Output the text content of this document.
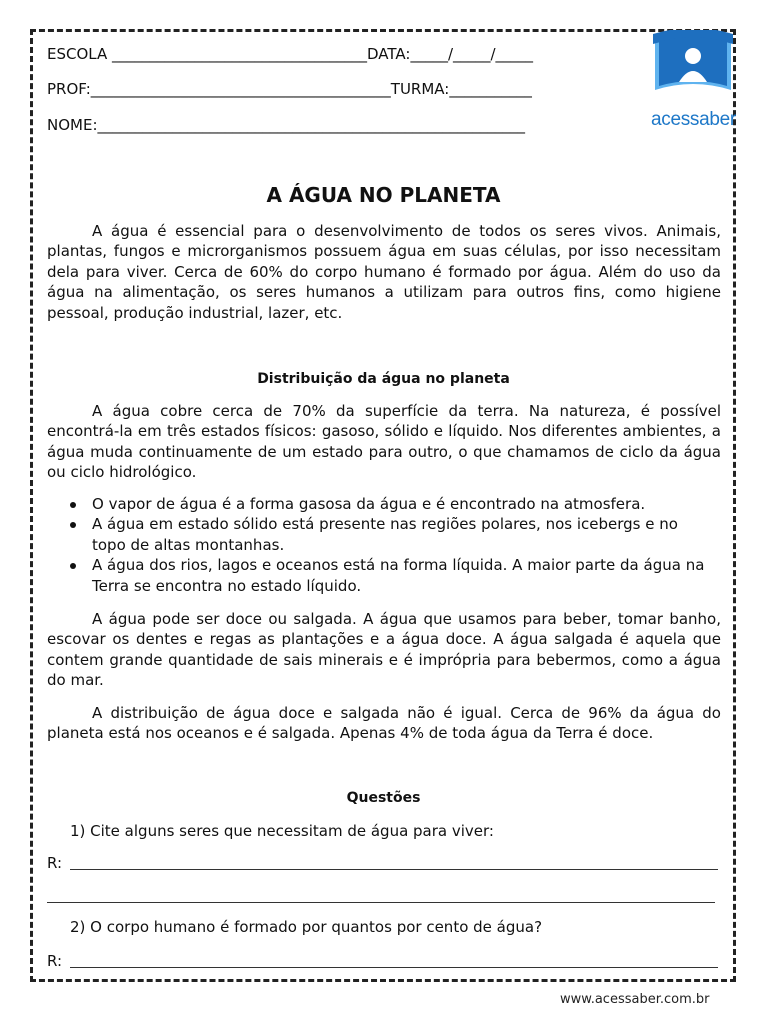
ESCOLA __________________________________DATA:_____/_____/_____
PROF:________________________________________TURMA:___________
NOME:_________________________________________________________	acessaber
A ÁGUA NO PLANETA

A água é essencial para o desenvolvimento de todos os seres vivos. Animais, plantas, fungos e microrganismos possuem água em suas células, por isso necessitam dela para viver. Cerca de 60% do corpo humano é formado por água. Além do uso da água na alimentação, os seres humanos a utilizam para outros fins, como higiene pessoal, produção industrial, lazer, etc.

Distribuição da água no planeta

A água cobre cerca de 70% da superfície da terra. Na natureza, é possível encontrá-la em três estados físicos: gasoso, sólido e líquido. Nos diferentes ambientes, a água muda continuamente de um estado para outro, o que chamamos de ciclo da água ou ciclo hidrológico.

O vapor de água é a forma gasosa da água e é encontrado na atmosfera.
A água em estado sólido está presente nas regiões polares, nos icebergs e no topo de altas montanhas.
A água dos rios, lagos e oceanos está na forma líquida. A maior parte da água na Terra se encontra no estado líquido.

A água pode ser doce ou salgada. A água que usamos para beber, tomar banho, escovar os dentes e regas as plantações e a água doce. A água salgada é aquela que contem grande quantidade de sais minerais e é imprópria para bebermos, como a água do mar.

A distribuição de água doce e salgada não é igual. Cerca de 96% da água do planeta está nos oceanos e é salgada. Apenas 4% de toda água da Terra é doce.

Questões
1) Cite alguns seres que necessitam de água para viver:
R:
2) O corpo humano é formado por quantos por cento de água?
R:
www.acessaber.com.br
